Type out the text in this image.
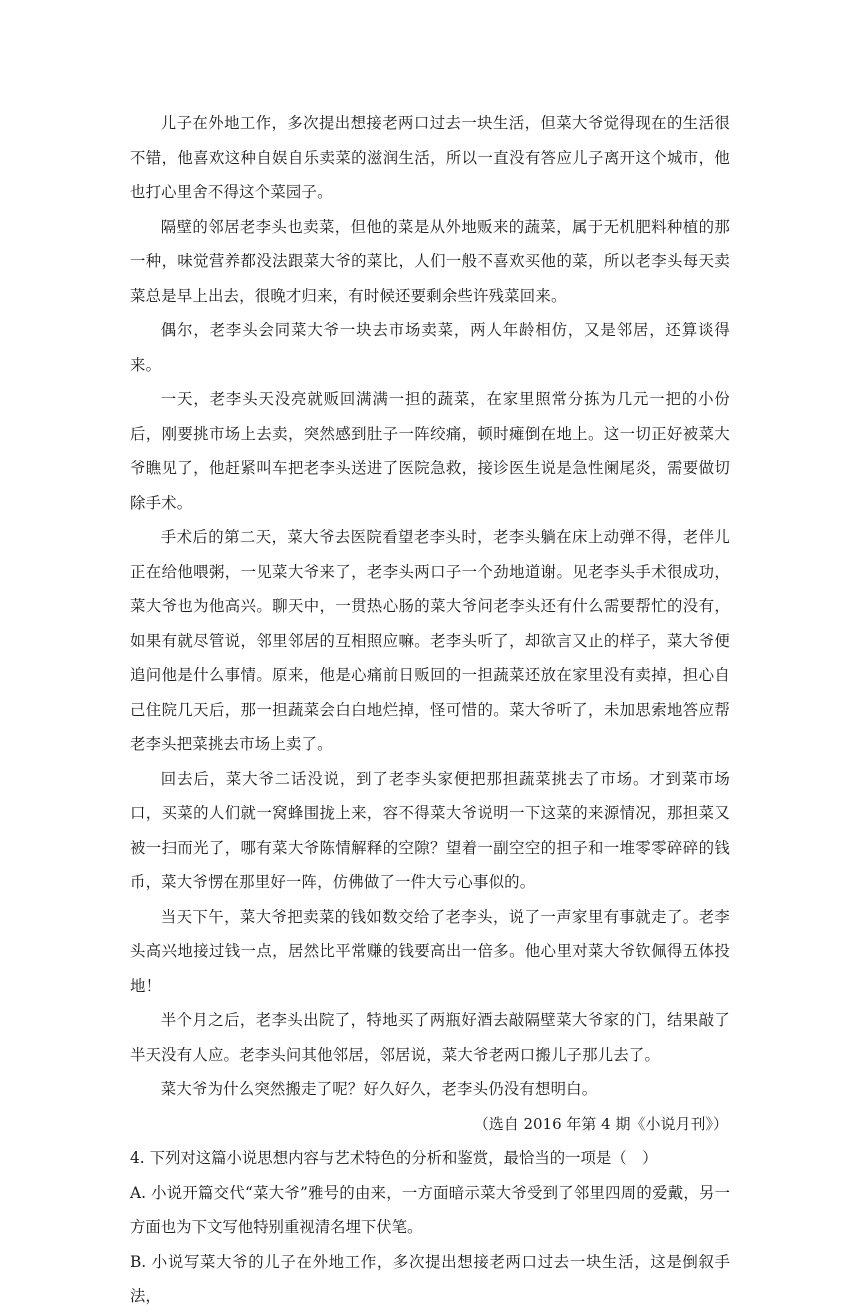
儿子在外地工作，多次提出想接老两口过去一块生活，但菜大爷觉得现在的生活很不错，他喜欢这种自娱自乐卖菜的滋润生活，所以一直没有答应儿子离开这个城市，他也打心里舍不得这个菜园子。

隔壁的邻居老李头也卖菜，但他的菜是从外地贩来的蔬菜，属于无机肥料种植的那一种，味觉营养都没法跟菜大爷的菜比，人们一般不喜欢买他的菜，所以老李头每天卖菜总是早上出去，很晚才归来，有时候还要剩余些许残菜回来。

偶尔，老李头会同菜大爷一块去市场卖菜，两人年龄相仿，又是邻居，还算谈得来。

一天，老李头天没亮就贩回满满一担的蔬菜，在家里照常分拣为几元一把的小份后，刚要挑市场上去卖，突然感到肚子一阵绞痛，顿时瘫倒在地上。这一切正好被菜大爷瞧见了，他赶紧叫车把老李头送进了医院急救，接诊医生说是急性阑尾炎，需要做切除手术。

手术后的第二天，菜大爷去医院看望老李头时，老李头躺在床上动弹不得，老伴儿正在给他喂粥，一见菜大爷来了，老李头两口子一个劲地道谢。见老李头手术很成功，菜大爷也为他高兴。聊天中，一贯热心肠的菜大爷问老李头还有什么需要帮忙的没有，如果有就尽管说，邻里邻居的互相照应嘛。老李头听了，却欲言又止的样子，菜大爷便追问他是什么事情。原来，他是心痛前日贩回的一担蔬菜还放在家里没有卖掉，担心自己住院几天后，那一担蔬菜会白白地烂掉，怪可惜的。菜大爷听了，未加思索地答应帮老李头把菜挑去市场上卖了。

回去后，菜大爷二话没说，到了老李头家便把那担蔬菜挑去了市场。才到菜市场口，买菜的人们就一窝蜂围拢上来，容不得菜大爷说明一下这菜的来源情况，那担菜又被一扫而光了，哪有菜大爷陈情解释的空隙？望着一副空空的担子和一堆零零碎碎的钱币，菜大爷愣在那里好一阵，仿佛做了一件大亏心事似的。

当天下午，菜大爷把卖菜的钱如数交给了老李头，说了一声家里有事就走了。老李头高兴地接过钱一点，居然比平常赚的钱要高出一倍多。他心里对菜大爷钦佩得五体投地！

半个月之后，老李头出院了，特地买了两瓶好酒去敲隔壁菜大爷家的门，结果敲了半天没有人应。老李头问其他邻居，邻居说，菜大爷老两口搬儿子那儿去了。

菜大爷为什么突然搬走了呢？好久好久，老李头仍没有想明白。

（选自 2016 年第 4 期《小说月刊》）

4. 下列对这篇小说思想内容与艺术特色的分析和鉴赏，最恰当的一项是（　）

A. 小说开篇交代“菜大爷”雅号的由来，一方面暗示菜大爷受到了邻里四周的爱戴，另一方面也为下文写他特别重视清名埋下伏笔。

B. 小说写菜大爷的儿子在外地工作，多次提出想接老两口过去一块生活，这是倒叙手法，
